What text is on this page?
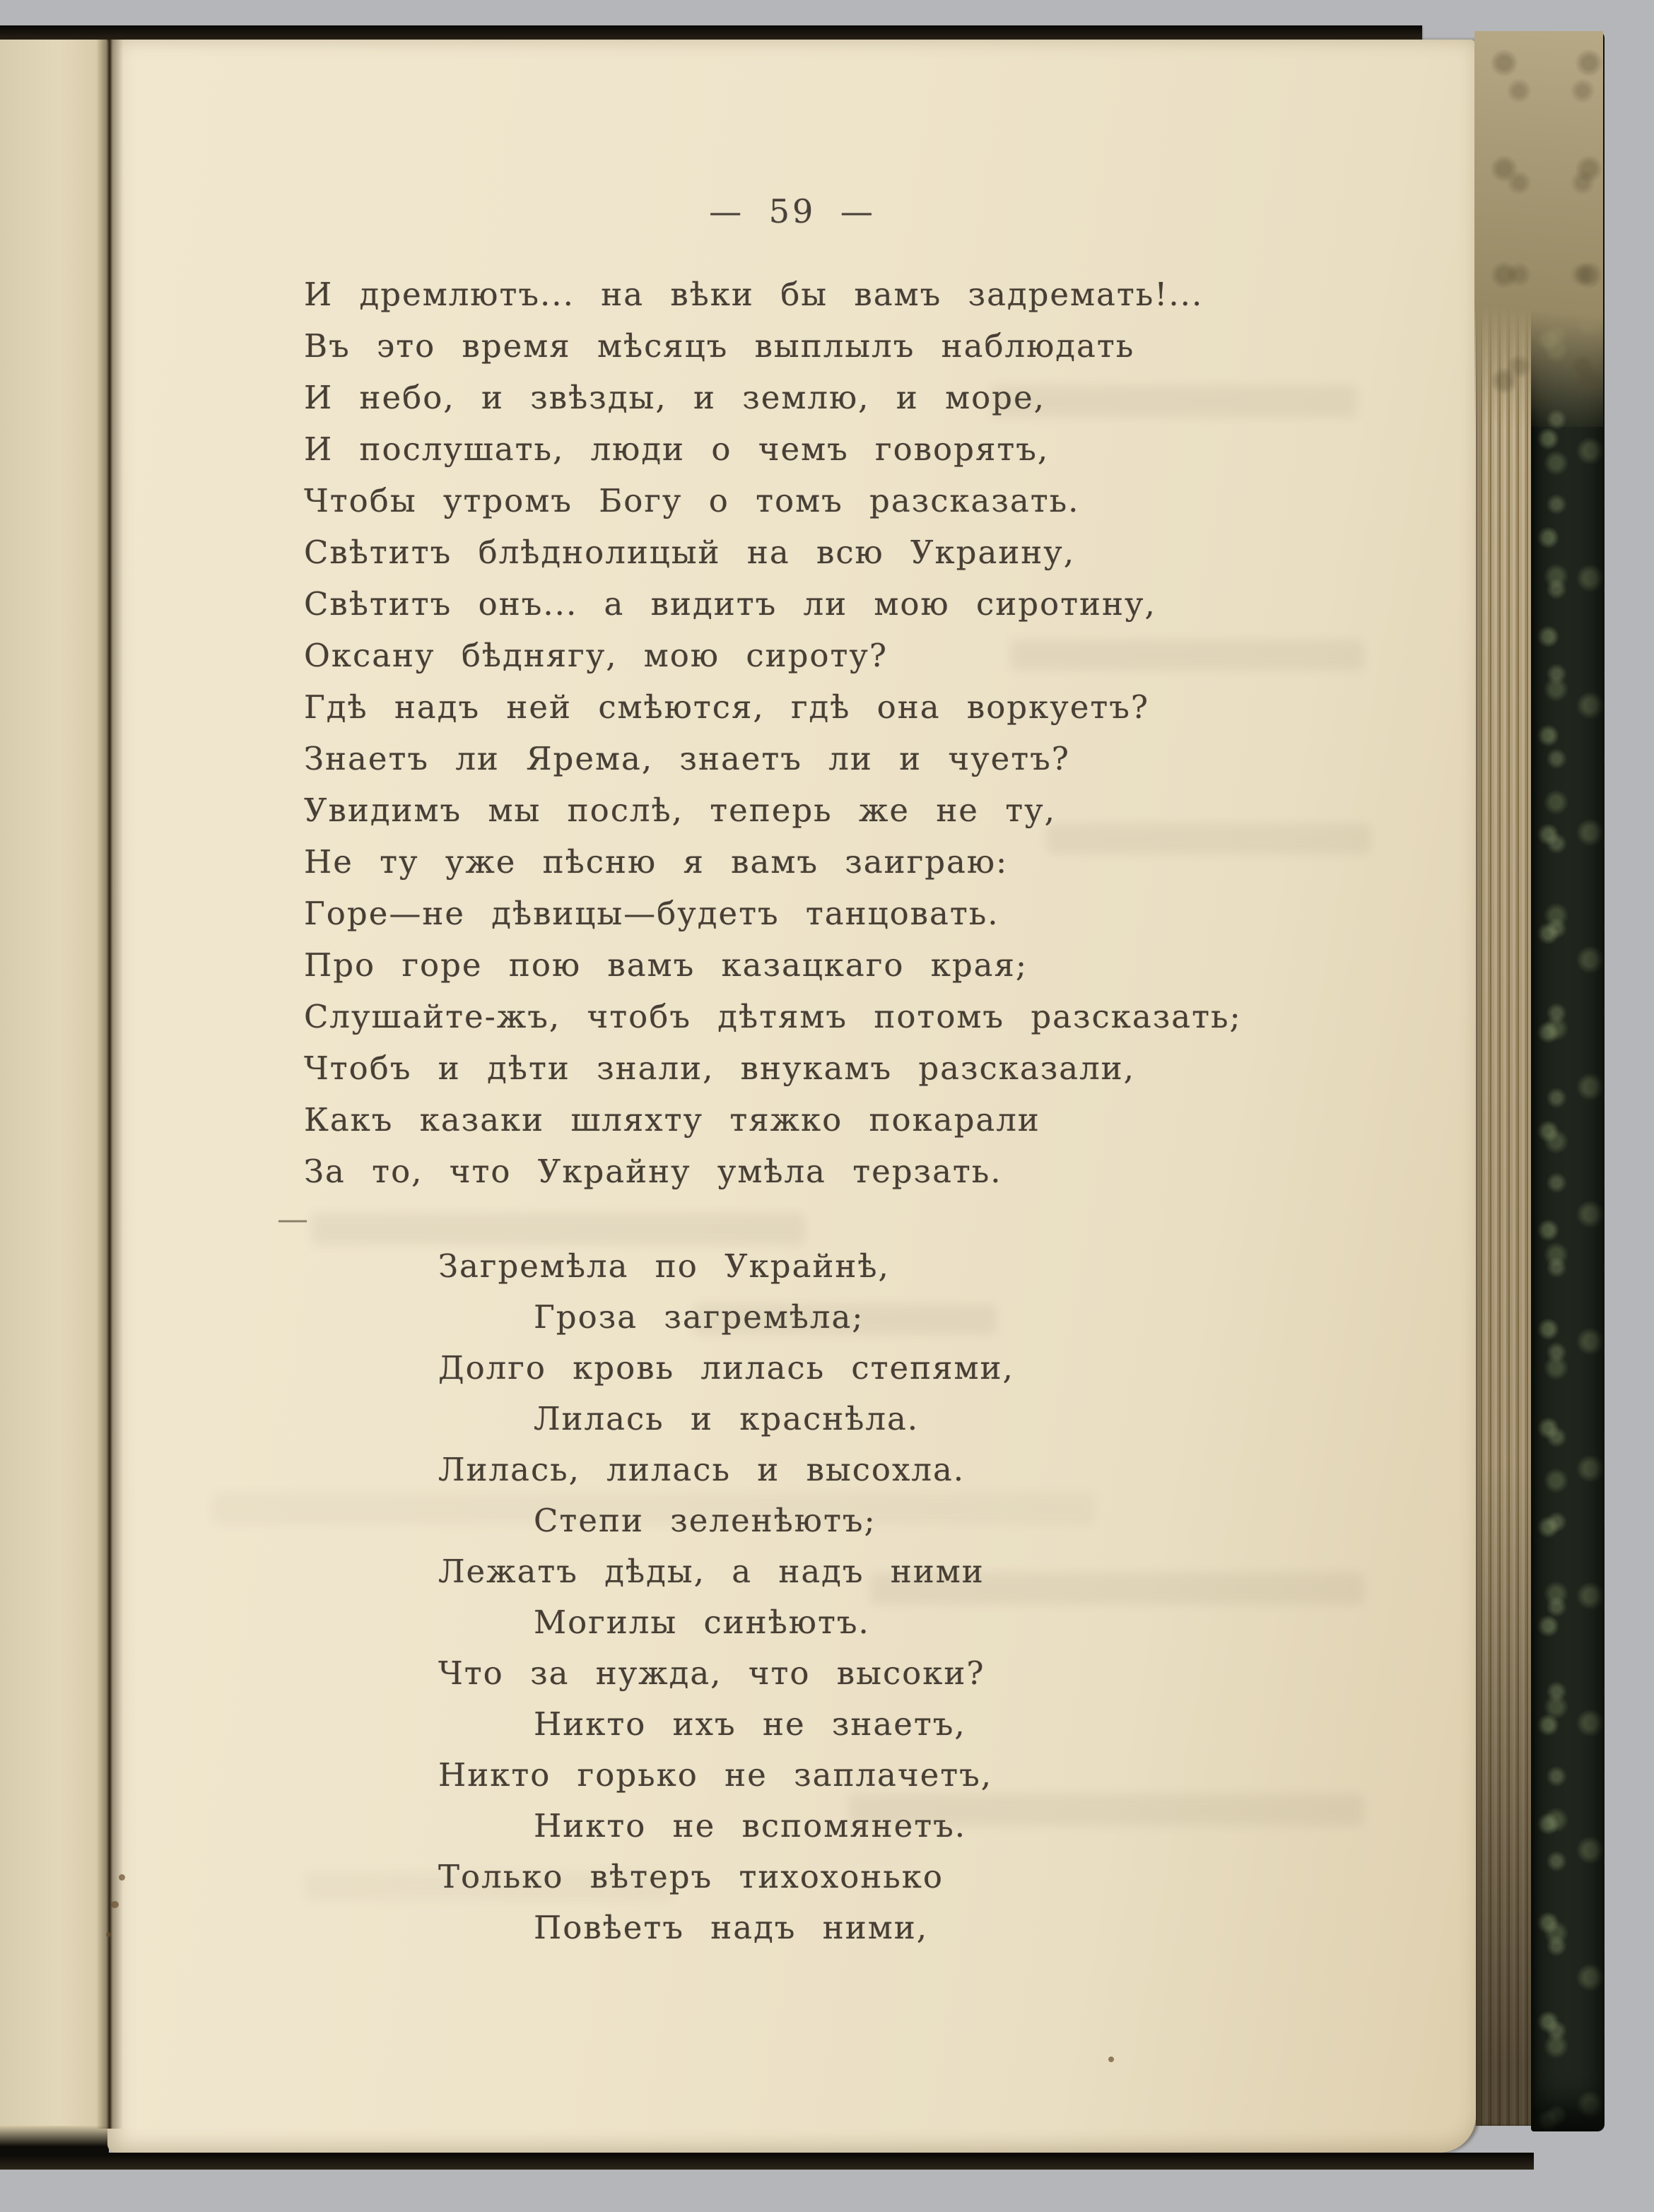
— 59 —

И дремлютъ... на вѣки бы вамъ задремать!...

Въ это время мѣсяцъ выплылъ наблюдать

И небо, и звѣзды, и землю, и море,

И послушать, люди о чемъ говорятъ,

Чтобы утромъ Богу о томъ разсказать.

Свѣтитъ блѣднолицый на всю Украину,

Свѣтитъ онъ... а видитъ ли мою сиротину,

Оксану бѣднягу, мою сироту?

Гдѣ надъ ней смѣются, гдѣ она воркуетъ?

Знаетъ ли Ярема, знаетъ ли и чуетъ?

Увидимъ мы послѣ, теперь же не ту,

Не ту уже пѣсню я вамъ заиграю:

Горе—не дѣвицы—будетъ танцовать.

Про горе пою вамъ казацкаго края;

Слушайте-жъ, чтобъ дѣтямъ потомъ разсказать;

Чтобъ и дѣти знали, внукамъ разсказали,

Какъ казаки шляхту тяжко покарали

За то, что Украйну умѣла терзать.

—

Загремѣла по Украйнѣ,

Гроза загремѣла;

Долго кровь лилась степями,

Лилась и краснѣла.

Лилась, лилась и высохла.

Степи зеленѣютъ;

Лежатъ дѣды, а надъ ними

Могилы синѣютъ.

Что за нужда, что высоки?

Никто ихъ не знаетъ,

Никто горько не заплачетъ,

Никто не вспомянетъ.

Только вѣтеръ тихохонько

Повѣетъ надъ ними,
